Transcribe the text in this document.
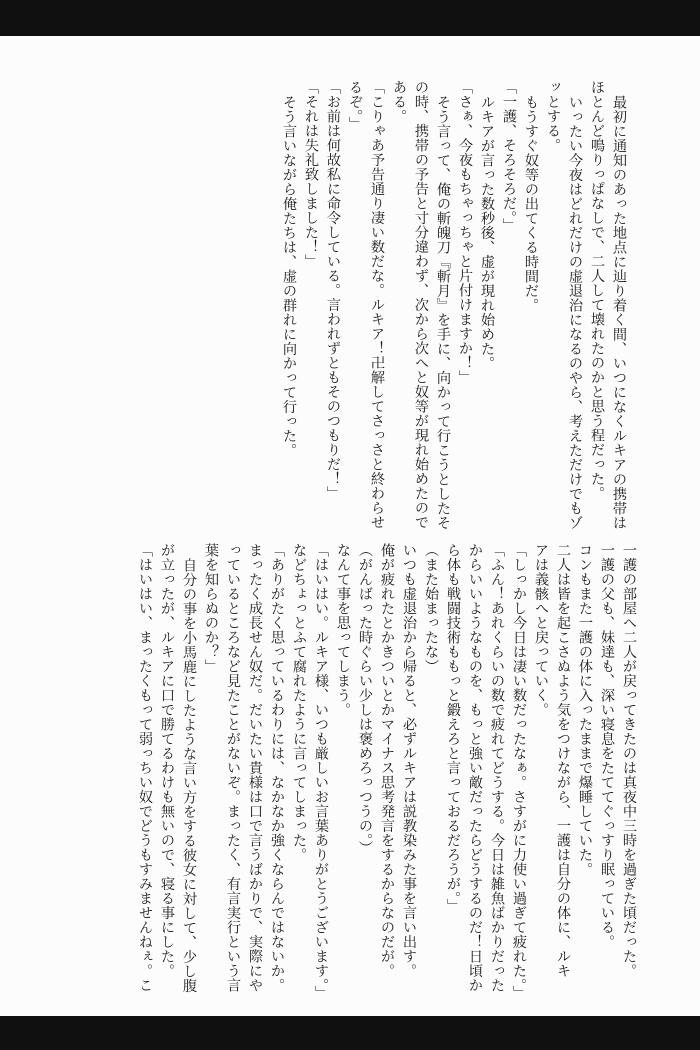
最初に通知のあった地点に辿り着く間、いつになくルキアの携帯は
ほとんど鳴りっぱなしで、二人して壊れたのかと思う程だった。
いったい今夜はどれだけの虚退治になるのやら、考えただけでもゾ
ッとする。
もうすぐ奴等の出てくる時間だ。
「一護、そろそろだ。」
ルキアが言った数秒後、虚が現れ始めた。
「さぁ、今夜もちゃっちゃと片付けますか！」
そう言って、俺の斬魄刀『斬月』を手に、向かって行こうとしたそ
の時、携帯の予告と寸分違わず、次から次へと奴等が現れ始めたので
ある。
「こりゃあ予告通り凄い数だな。ルキア！卍解してさっさと終わらせ
るぞ。」
「お前は何故私に命令している。言われずともそのつもりだ！」
「それは失礼致しました！」
そう言いながら俺たちは、虚の群れに向かって行った。
一護の部屋へ二人が戻ってきたのは真夜中三時を過ぎた頃だった。
一護の父も、妹達も、深い寝息をたててぐっすり眠っている。
コンもまた一護の体に入ったままで爆睡していた。
二人は皆を起こさぬよう気をつけながら、一護は自分の体に、ルキ
アは義骸へと戻っていく。
「しっかし今日は凄い数だったなぁ。さすがに力使い過ぎて疲れた。」
「ふん！あれくらいの数で疲れてどうする。今日は雑魚ばかりだった
からいいようなものを、もっと強い敵だったらどうするのだ！日頃か
ら体も戦闘技術ももっと鍛えろと言っておるだろうが。」
（また始まったな）
いつも虚退治から帰ると、必ずルキアは説教染みた事を言い出す。
俺が疲れたとかきついとかマイナス思考発言をするからなのだが。
（がんばった時ぐらい少しは褒めろっつうの。）
なんて事を思ってしまう。
「はいはい。ルキア様、いつも厳しいお言葉ありがとうございます。」
などちょっとふて腐れたように言ってしまった。
「ありがたく思っているわりには、なかなか強くならんではないか。
まったく成長せん奴だ。だいたい貴様は口で言うばかりで、実際にや
っているところなど見たことがないぞ。まったく、有言実行という言
葉を知らぬのか？」
自分の事を小馬鹿にしたような言い方をする彼女に対して、少し腹
が立ったが、ルキアに口で勝てるわけも無いので、寝る事にした。
「はいはい、まったくもって弱っちい奴でどうもすみませんねぇ。こ
